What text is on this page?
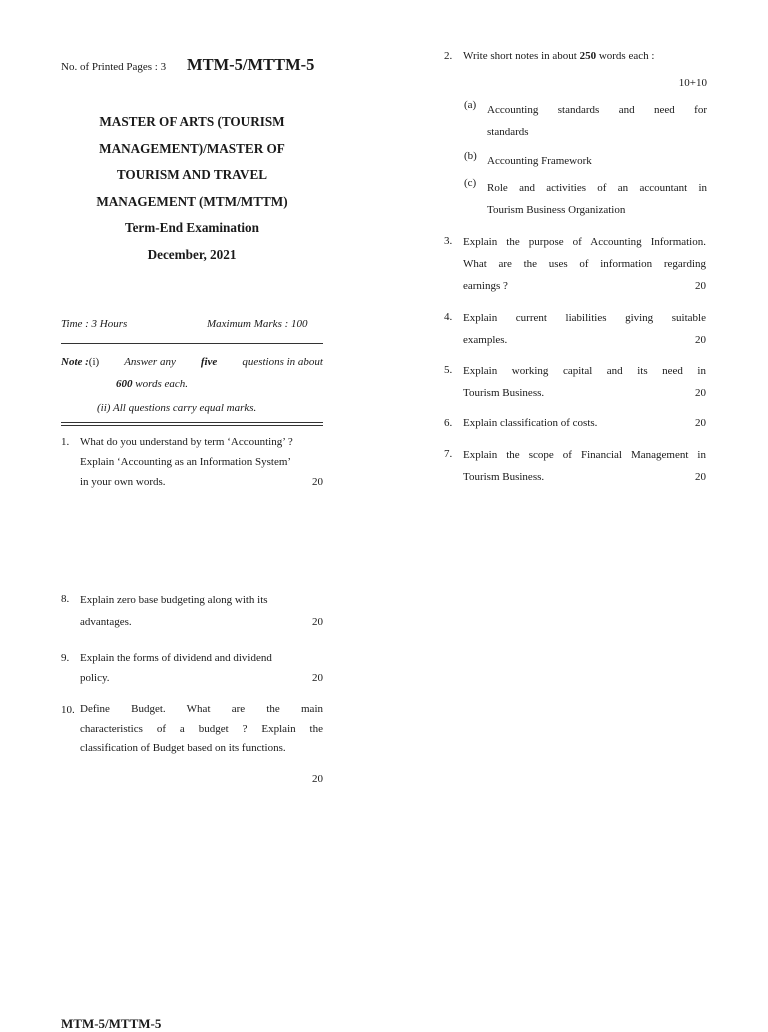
No. of Printed Pages : 3 MTM-5/MTTM-5
MASTER OF ARTS (TOURISM
MANAGEMENT)/MASTER OF
TOURISM AND TRAVEL
MANAGEMENT (MTM/MTTM)
Term-End Examination
December, 2021
Time : 3 Hours	Maximum Marks : 100
Note :(i) Answer any five questions in about
600 words each.
(ii) All questions carry equal marks.
1. What do you understand by term ‘Accounting’ ?
Explain ‘Accounting as an Information System’
in your own words.	20
8. Explain zero base budgeting along with its
advantages.	20
9. Explain the forms of dividend and dividend
policy.	20
10. Define Budget. What are the main
characteristics of a budget ? Explain the
classification of Budget based on its functions.
20
2. Write short notes in about 250 words each :
10+10
(a) Accounting standards and need for
standards
(b) Accounting Framework
(c) Role and activities of an accountant in
Tourism Business Organization
3. Explain the purpose of Accounting Information.
What are the uses of information regarding
earnings ?	20
4. Explain current liabilities giving suitable
examples.	20
5. Explain working capital and its need in
Tourism Business.	20
6. Explain classification of costs.	20
7. Explain the scope of Financial Management in
Tourism Business.	20
MTM-5/MTTM-5
